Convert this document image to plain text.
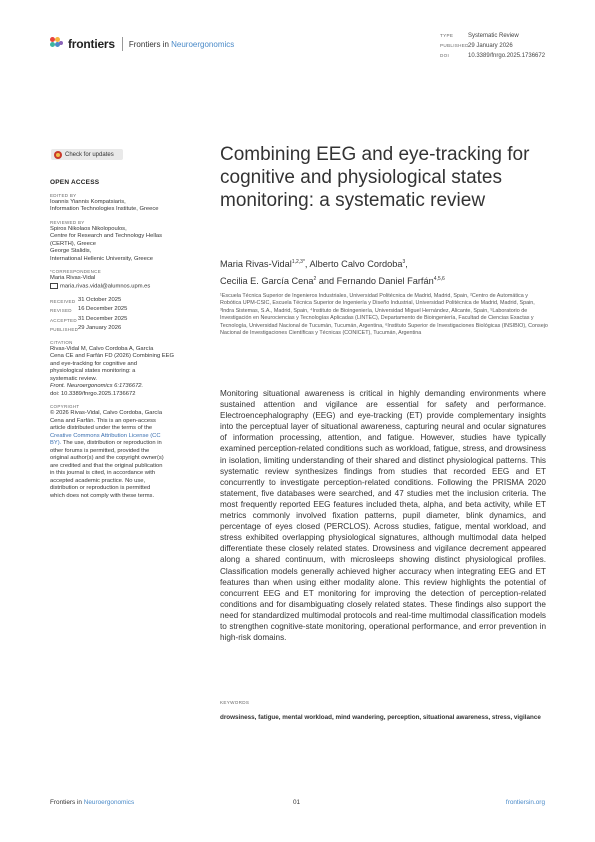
frontiers Frontiers in Neuroergonomics
TYPE Systematic Review
PUBLISHED29 January 2026
DOI	10.3389/fnrgo.2025.1736672
Check for updates
OPEN ACCESS
EDITED BY
Ioannis Yiannis Kompatsiaris,
Information Technologies Institute, Greece
REVIEWED BY
Spiros Nikolaos Nikolopoulos,
Centre for Research and Technology Hellas
(CERTH), Greece
George Stalidis,
International Hellenic University, Greece
*CORRESPONDENCE
Maria Rivas-Vidal
maria.rivas.vidal@alumnos.upm.es
RECEIVED 31 October 2025
REVISED	16 December 2025
ACCEPTED 31 December 2025
PUBLISHED 29 January 2026
CITATION
Rivas-Vidal M, Calvo Cordoba A, García
Cena CE and Farfán FD (2026) Combining EEG
and eye-tracking for cognitive and
physiological states monitoring: a
systematic review.
Front. Neuroergonomics 6:1736672.
doi: 10.3389/fnrgo.2025.1736672
COPYRIGHT
© 2026 Rivas-Vidal, Calvo Cordoba, García
Cena and Farfán. This is an open-access
article distributed under the terms of the
Creative Commons Attribution License (CC
BY). The use, distribution or reproduction in
other forums is permitted, provided the
original author(s) and the copyright owner(s)
are credited and that the original publication
in this journal is cited, in accordance with
accepted academic practice. No use,
distribution or reproduction is permitted
which does not comply with these terms.
Combining EEG and eye-tracking for cognitive and physiological states monitoring: a systematic review
Maria Rivas-Vidal$^{1,2,3*}$, Alberto Calvo Cordoba$^3$,
Cecilia E. García Cena$^2$ and Fernando Daniel Farfán$^{4,5,6}$
¹Escuela Técnica Superior de Ingenieros Industriales, Universidad Politécnica de Madrid, Madrid, Spain, ²Centro de Automática y Robótica UPM-CSIC, Escuela Técnica Superior de Ingeniería y Diseño Industrial, Universidad Politécnica de Madrid, Madrid, Spain, ³Indra Sistemas, S.A., Madrid, Spain, ⁴Instituto de Bioingeniería, Universidad Miguel Hernández, Alicante, Spain, ⁵Laboratorio de Investigación en Neurociencias y Tecnologías Aplicadas (LINTEC), Departamento de Bioingeniería, Facultad de Ciencias Exactas y Tecnología, Universidad Nacional de Tucumán, Tucumán, Argentina, ⁶Instituto Superior de Investigaciones Biológicas (INSIBIO), Consejo Nacional de Investigaciones Científicas y Técnicas (CONICET), Tucumán, Argentina
Monitoring situational awareness is critical in highly demanding environments where sustained attention and vigilance are essential for safety and performance. Electroencephalography (EEG) and eye-tracking (ET) provide complementary insights into the perceptual layer of situational awareness, capturing neural and ocular signatures of information processing, attention, and fatigue. However, studies have typically examined perception-related conditions such as workload, fatigue, stress, and drowsiness in isolation, limiting understanding of their shared and distinct physiological patterns. This systematic review synthesizes findings from studies that recorded EEG and ET concurrently to investigate perception-related conditions. Following the PRISMA 2020 statement, five databases were searched, and 47 studies met the inclusion criteria. The most frequently reported EEG features included theta, alpha, and beta activity, while ET metrics commonly involved fixation patterns, pupil diameter, blink dynamics, and percentage of eyes closed (PERCLOS). Across studies, fatigue, mental workload, and stress exhibited overlapping physiological signatures, although multimodal data helped differentiate these closely related states. Drowsiness and vigilance decrement appeared along a shared continuum, with microsleeps showing distinct physiological profiles. Classification models generally achieved higher accuracy when integrating EEG and ET features than when using either modality alone. This review highlights the potential of concurrent EEG and ET monitoring for improving the detection of perception-related conditions and for disambiguating closely related states. These findings also support the need for standardized multimodal protocols and real-time multimodal classification models to strengthen cognitive-state monitoring, operational performance, and error prevention in high-risk domains.
KEYWORDS
drowsiness, fatigue, mental workload, mind wandering, perception, situational awareness, stress, vigilance
Frontiers in Neuroergonomics	01	frontiersin.org
